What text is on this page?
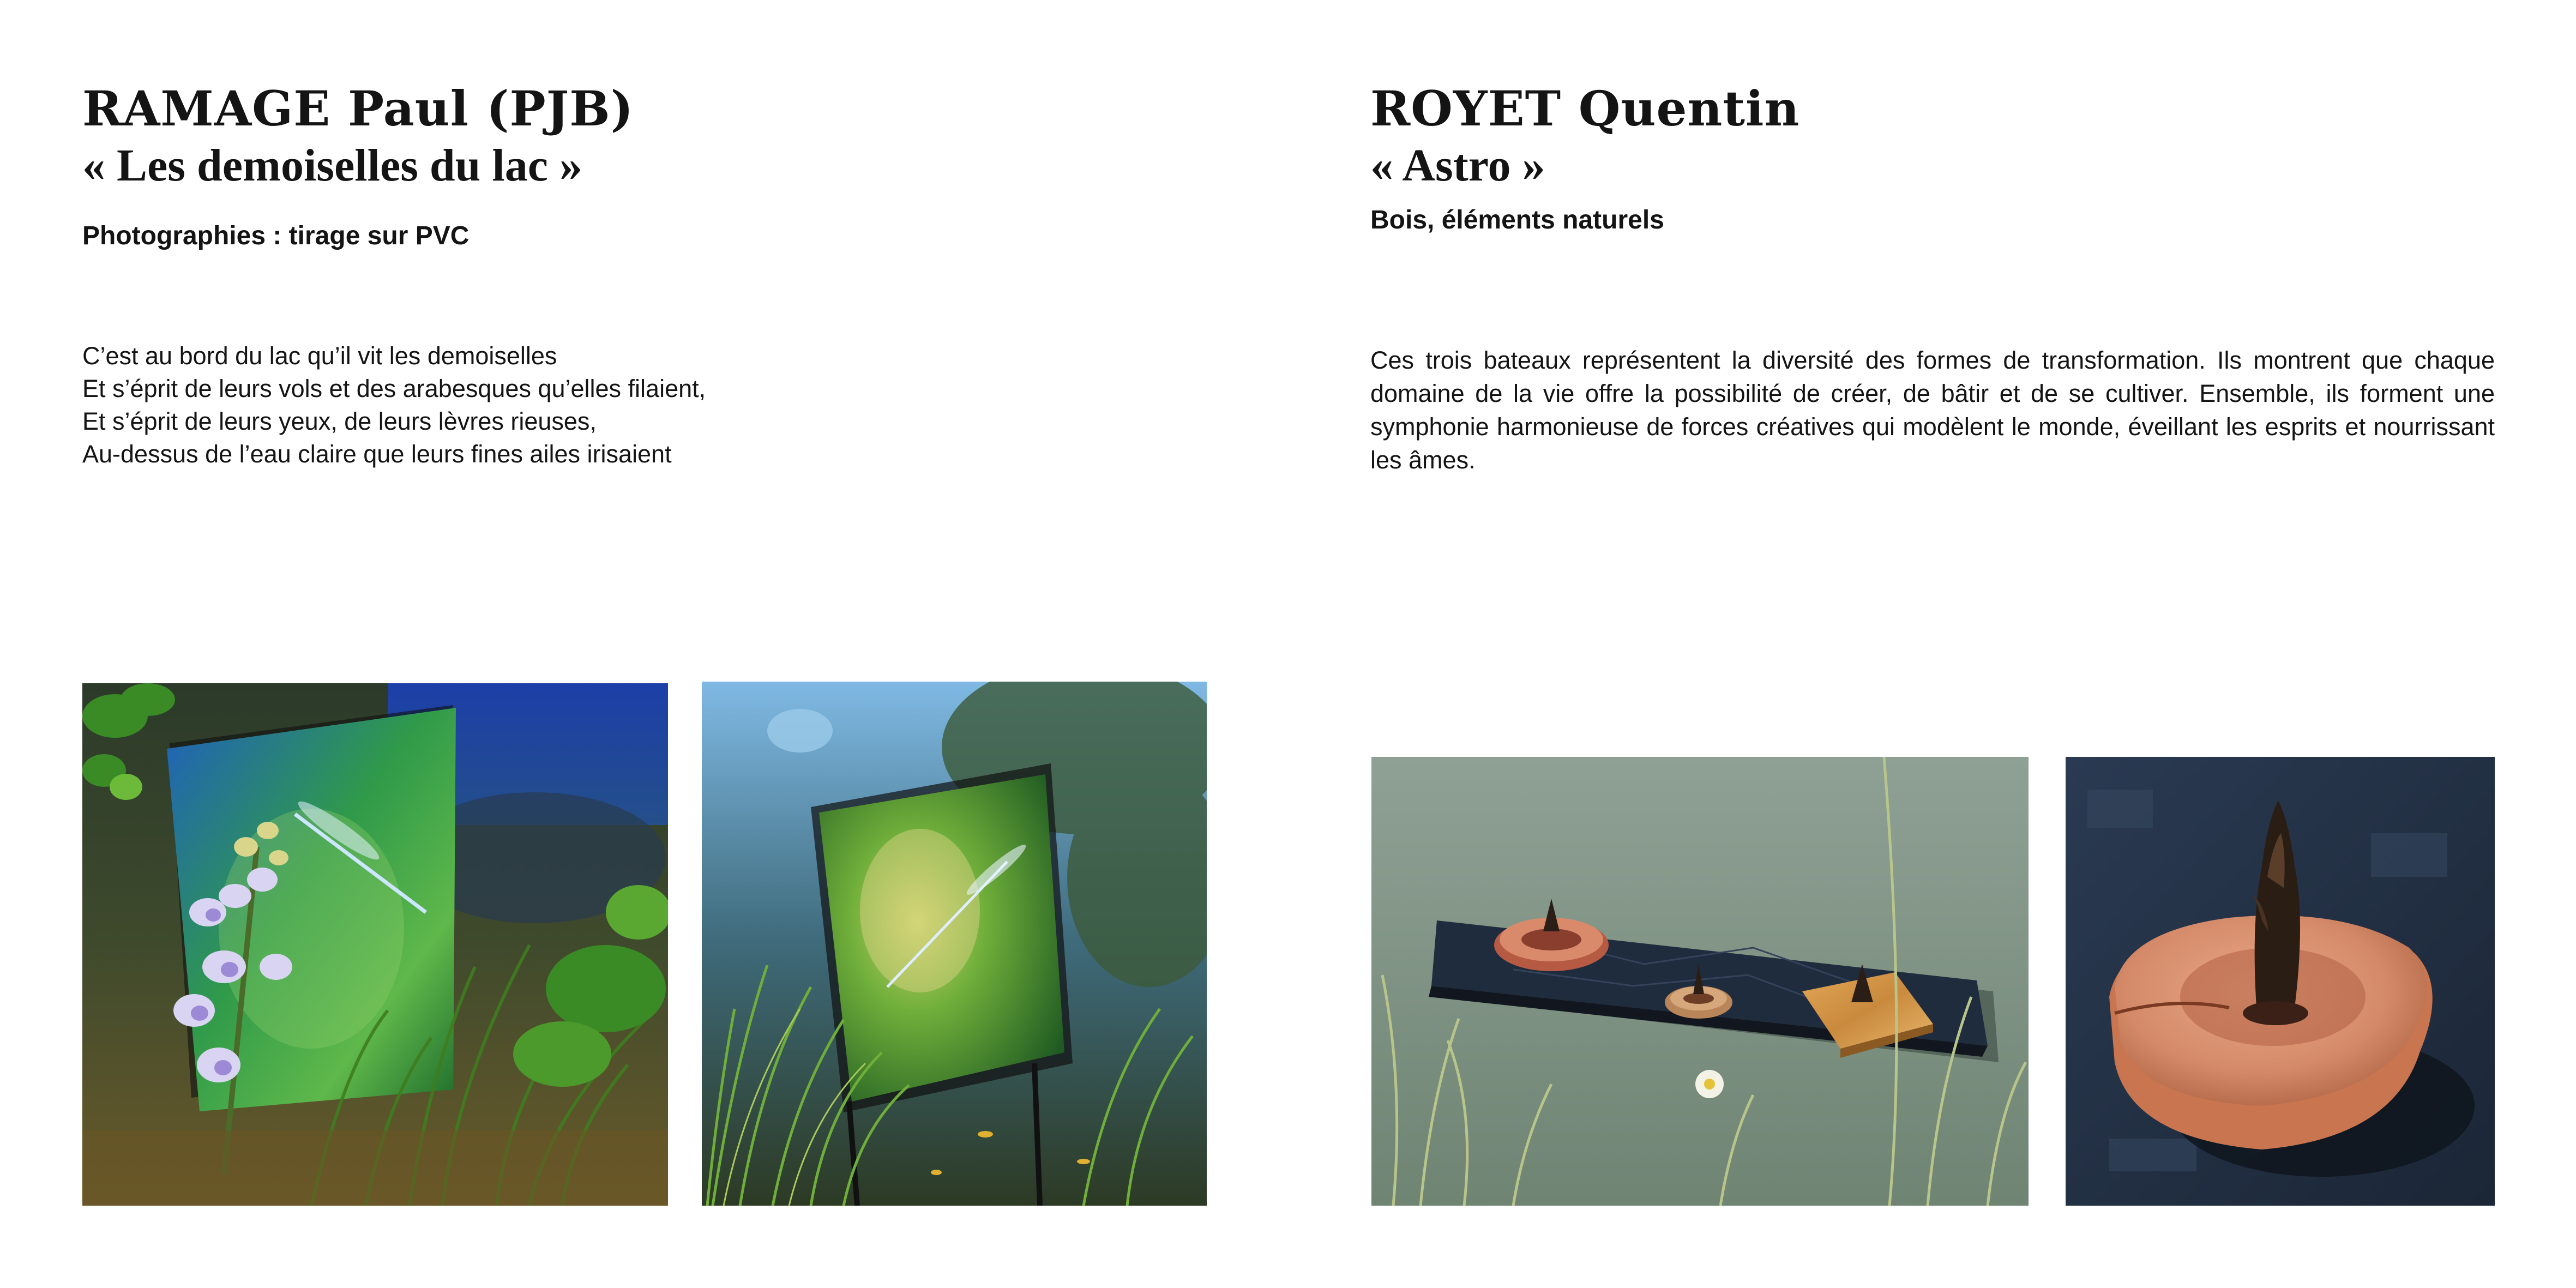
RAMAGE Paul (PJB)
« Les demoiselles du lac »

Photographies : tirage sur PVC

C’est au bord du lac qu’il vit les demoiselles
Et s’éprit de leurs vols et des arabesques qu’elles filaient,
Et s’éprit de leurs yeux, de leurs lèvres rieuses,
Au-dessus de l’eau claire que leurs fines ailes irisaient

ROYET Quentin
« Astro »

Bois, éléments naturels

Ces trois bateaux représentent la diversité des formes de transformation. Ils montrent que chaque domaine de la vie offre la possibilité de créer, de bâtir et de se cultiver. Ensemble, ils forment une symphonie harmonieuse de forces créatives qui modèlent le monde, éveillant les esprits et nourrissant les âmes.
